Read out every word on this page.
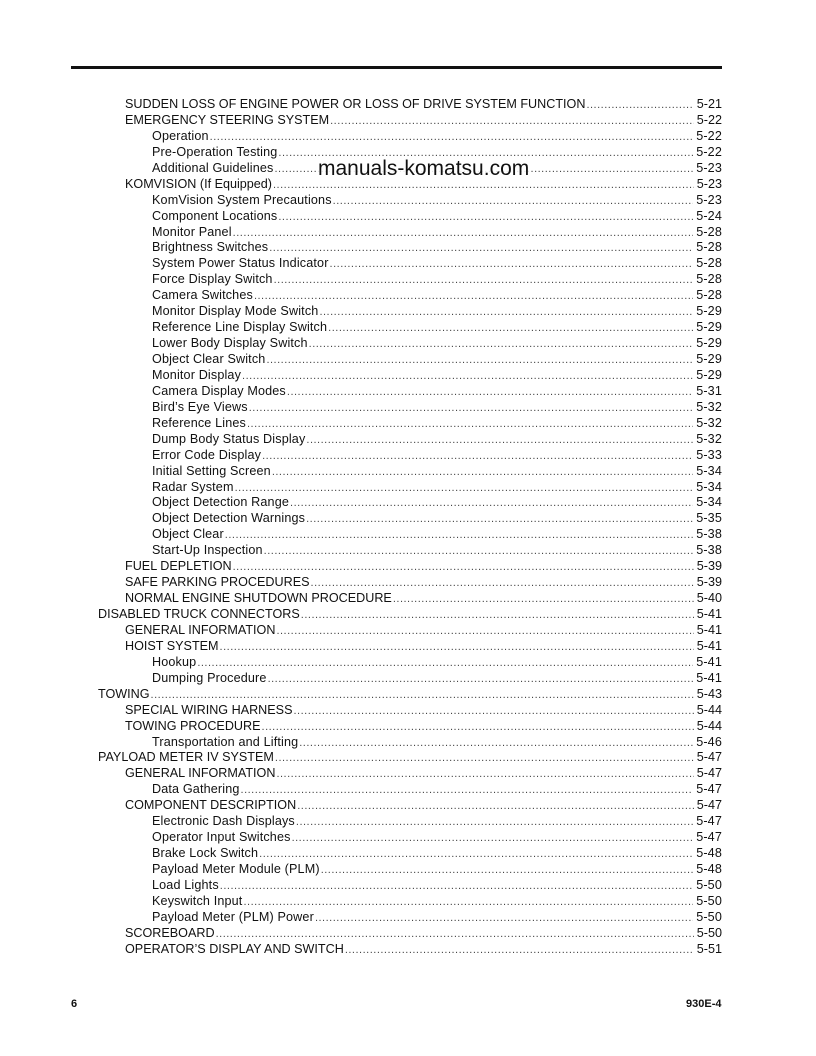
SUDDEN LOSS OF ENGINE POWER OR LOSS OF DRIVE SYSTEM FUNCTION .....	5-21
EMERGENCY STEERING SYSTEM .....	5-22
Operation .....	5-22
Pre-Operation Testing .....	5-22
Additional Guidelines .....	5-23
KOMVISION (If Equipped) .....	5-23
KomVision System Precautions .....	5-23
Component Locations .....	5-24
Monitor Panel .....	5-28
Brightness Switches .....	5-28
System Power Status Indicator .....	5-28
Force Display Switch .....	5-28
Camera Switches .....	5-28
Monitor Display Mode Switch .....	5-29
Reference Line Display Switch .....	5-29
Lower Body Display Switch .....	5-29
Object Clear Switch .....	5-29
Monitor Display .....	5-29
Camera Display Modes .....	5-31
Bird’s Eye Views .....	5-32
Reference Lines .....	5-32
Dump Body Status Display .....	5-32
Error Code Display .....	5-33
Initial Setting Screen .....	5-34
Radar System .....	5-34
Object Detection Range .....	5-34
Object Detection Warnings .....	5-35
Object Clear .....	5-38
Start-Up Inspection .....	5-38
FUEL DEPLETION .....	5-39
SAFE PARKING PROCEDURES .....	5-39
NORMAL ENGINE SHUTDOWN PROCEDURE .....	5-40
DISABLED TRUCK CONNECTORS .....	5-41
GENERAL INFORMATION .....	5-41
HOIST SYSTEM .....	5-41
Hookup .....	5-41
Dumping Procedure .....	5-41
TOWING .....	5-43
SPECIAL WIRING HARNESS .....	5-44
TOWING PROCEDURE .....	5-44
Transportation and Lifting .....	5-46
PAYLOAD METER IV SYSTEM .....	5-47
GENERAL INFORMATION .....	5-47
Data Gathering .....	5-47
COMPONENT DESCRIPTION .....	5-47
Electronic Dash Displays .....	5-47
Operator Input Switches .....	5-47
Brake Lock Switch .....	5-48
Payload Meter Module (PLM) .....	5-48
Load Lights .....	5-50
Keyswitch Input .....	5-50
Payload Meter (PLM) Power .....	5-50
SCOREBOARD .....	5-50
OPERATOR’S DISPLAY AND SWITCH .....	5-51
manuals-komatsu.com
6	930E-4
